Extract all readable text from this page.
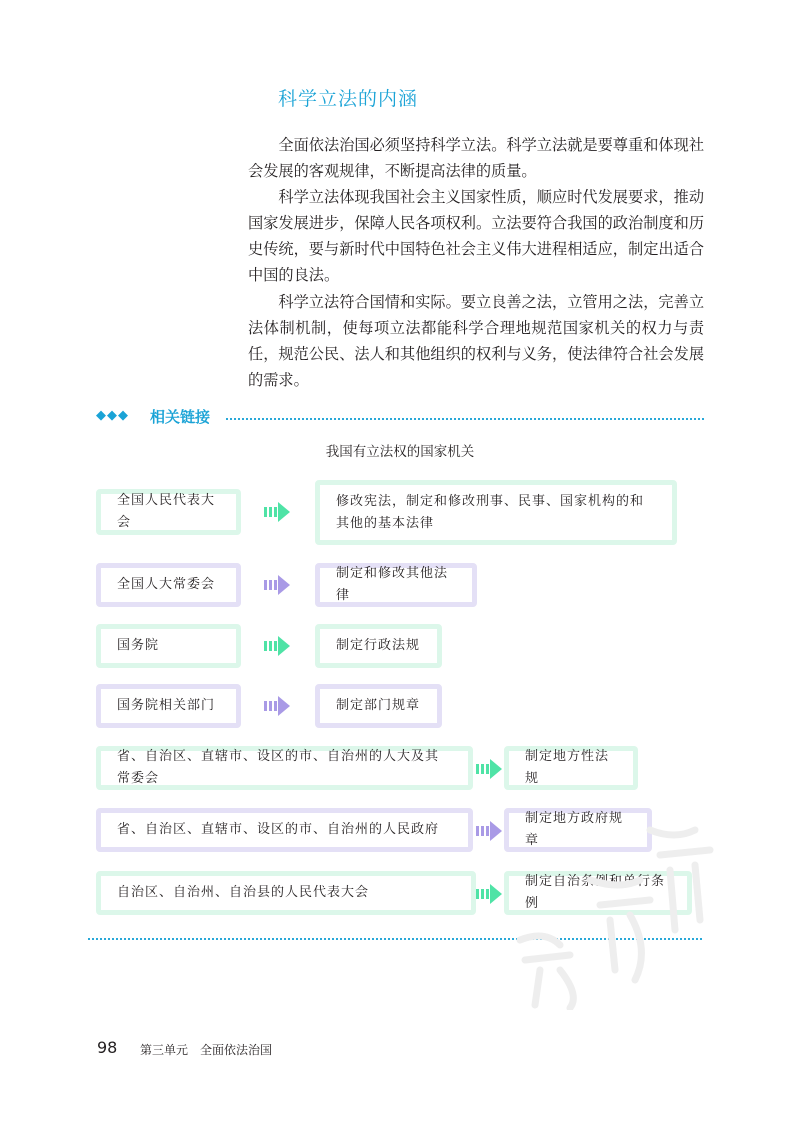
科学立法的内涵

全面依法治国必须坚持科学立法。科学立法就是要尊重和体现社会发展的客观规律，不断提高法律的质量。

科学立法体现我国社会主义国家性质，顺应时代发展要求，推动国家发展进步，保障人民各项权利。立法要符合我国的政治制度和历史传统，要与新时代中国特色社会主义伟大进程相适应，制定出适合中国的良法。

科学立法符合国情和实际。要立良善之法，立管用之法，完善立法体制机制，使每项立法都能科学合理地规范国家机关的权力与责任，规范公民、法人和其他组织的权利与义务，使法律符合社会发展的需求。

◆◆◆ 相关链接
我国有立法权的国家机关
全国人民代表大会
修改宪法，制定和修改刑事、民事、国家机构的和其他的基本法律
全国人大常委会
制定和修改其他法律
国务院	制定行政法规
国务院相关部门	制定部门规章
省、自治区、直辖市、设区的市、自治州的人大及其常委会
制定地方性法规
省、自治区、直辖市、设区的市、自治州的人民政府
制定地方政府规章
自治区、自治州、自治县的人民代表大会
制定自治条例和单行条例
98 第三单元 全面依法治国
